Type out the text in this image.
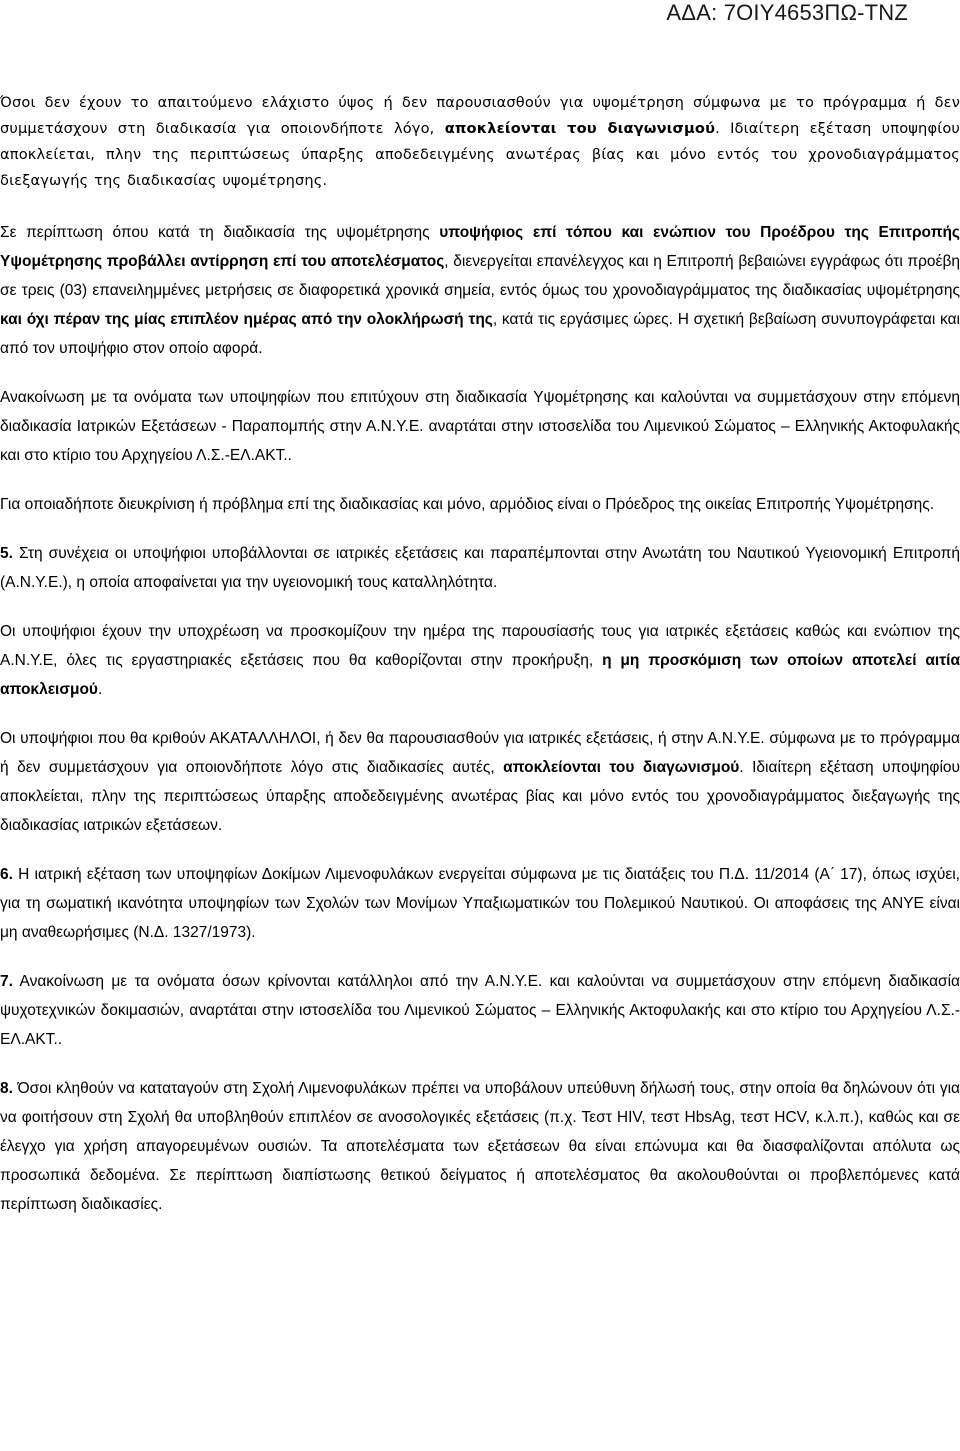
ΑΔΑ: 7ΟΙΥ4653ΠΩ-ΤΝΖ

Όσοι δεν έχουν το απαιτούμενο ελάχιστο ύψος ή δεν παρουσιασθούν για υψομέτρηση σύμφωνα με το πρόγραμμα ή δεν συμμετάσχουν στη διαδικασία για οποιονδήποτε λόγο, αποκλείονται του διαγωνισμού. Ιδιαίτερη εξέταση υποψηφίου αποκλείεται, πλην της περιπτώσεως ύπαρξης αποδεδειγμένης ανωτέρας βίας και μόνο εντός του χρονοδιαγράμματος διεξαγωγής της διαδικασίας υψομέτρησης.

Σε περίπτωση όπου κατά τη διαδικασία της υψομέτρησης υποψήφιος επί τόπου και ενώπιον του Προέδρου της Επιτροπής Υψομέτρησης προβάλλει αντίρρηση επί του αποτελέσματος, διενεργείται επανέλεγχος και η Επιτροπή βεβαιώνει εγγράφως ότι προέβη σε τρεις (03) επανειλημμένες μετρήσεις σε διαφορετικά χρονικά σημεία, εντός όμως του χρονοδιαγράμματος της διαδικασίας υψομέτρησης και όχι πέραν της μίας επιπλέον ημέρας από την ολοκλήρωσή της, κατά τις εργάσιμες ώρες. Η σχετική βεβαίωση συνυπογράφεται και από τον υποψήφιο στον οποίο αφορά.

Ανακοίνωση με τα ονόματα των υποψηφίων που επιτύχουν στη διαδικασία Υψομέτρησης και καλούνται να συμμετάσχουν στην επόμενη διαδικασία Ιατρικών Εξετάσεων - Παραπομπής στην Α.Ν.Υ.Ε. αναρτάται στην ιστοσελίδα του Λιμενικού Σώματος – Ελληνικής Ακτοφυλακής και στο κτίριο του Αρχηγείου Λ.Σ.-ΕΛ.ΑΚΤ..

Για οποιαδήποτε διευκρίνιση ή πρόβλημα επί της διαδικασίας και μόνο, αρμόδιος είναι ο Πρόεδρος της οικείας Επιτροπής Υψομέτρησης.

5. Στη συνέχεια οι υποψήφιοι υποβάλλονται σε ιατρικές εξετάσεις και παραπέμπονται στην Ανωτάτη του Ναυτικού Υγειονομική Επιτροπή (Α.Ν.Υ.Ε.), η οποία αποφαίνεται για την υγειονομική τους καταλληλότητα.

Οι υποψήφιοι έχουν την υποχρέωση να προσκομίζουν την ημέρα της παρουσίασής τους για ιατρικές εξετάσεις καθώς και ενώπιον της Α.Ν.Υ.Ε, όλες τις εργαστηριακές εξετάσεις που θα καθορίζονται στην προκήρυξη, η μη προσκόμιση των οποίων αποτελεί αιτία αποκλεισμού.

Οι υποψήφιοι που θα κριθούν ΑΚΑΤΑΛΛΗΛΟΙ, ή δεν θα παρουσιασθούν για ιατρικές εξετάσεις, ή στην Α.Ν.Υ.Ε. σύμφωνα με το πρόγραμμα ή δεν συμμετάσχουν για οποιονδήποτε λόγο στις διαδικασίες αυτές, αποκλείονται του διαγωνισμού. Ιδιαίτερη εξέταση υποψηφίου αποκλείεται, πλην της περιπτώσεως ύπαρξης αποδεδειγμένης ανωτέρας βίας και μόνο εντός του χρονοδιαγράμματος διεξαγωγής της διαδικασίας ιατρικών εξετάσεων.

6. Η ιατρική εξέταση των υποψηφίων Δοκίμων Λιμενοφυλάκων ενεργείται σύμφωνα με τις διατάξεις του Π.Δ. 11/2014 (Α΄ 17), όπως ισχύει, για τη σωματική ικανότητα υποψηφίων των Σχολών των Μονίμων Υπαξιωματικών του Πολεμικού Ναυτικού. Οι αποφάσεις της ΑΝΥΕ είναι μη αναθεωρήσιμες (Ν.Δ. 1327/1973).

7. Ανακοίνωση με τα ονόματα όσων κρίνονται κατάλληλοι από την Α.Ν.Υ.Ε. και καλούνται να συμμετάσχουν στην επόμενη διαδικασία ψυχοτεχνικών δοκιμασιών, αναρτάται στην ιστοσελίδα του Λιμενικού Σώματος – Ελληνικής Ακτοφυλακής και στο κτίριο του Αρχηγείου Λ.Σ.-ΕΛ.ΑΚΤ..

8. Όσοι κληθούν να καταταγούν στη Σχολή Λιμενοφυλάκων πρέπει να υποβάλουν υπεύθυνη δήλωσή τους, στην οποία θα δηλώνουν ότι για να φοιτήσουν στη Σχολή θα υποβληθούν επιπλέον σε ανοσολογικές εξετάσεις (π.χ. Τεστ HIV, τεστ HbsAg, τεστ HCV, κ.λ.π.), καθώς και σε έλεγχο για χρήση απαγορευμένων ουσιών. Τα αποτελέσματα των εξετάσεων θα είναι επώνυμα και θα διασφαλίζονται απόλυτα ως προσωπικά δεδομένα. Σε περίπτωση διαπίστωσης θετικού δείγματος ή αποτελέσματος θα ακολουθούνται οι προβλεπόμενες κατά περίπτωση διαδικασίες.
